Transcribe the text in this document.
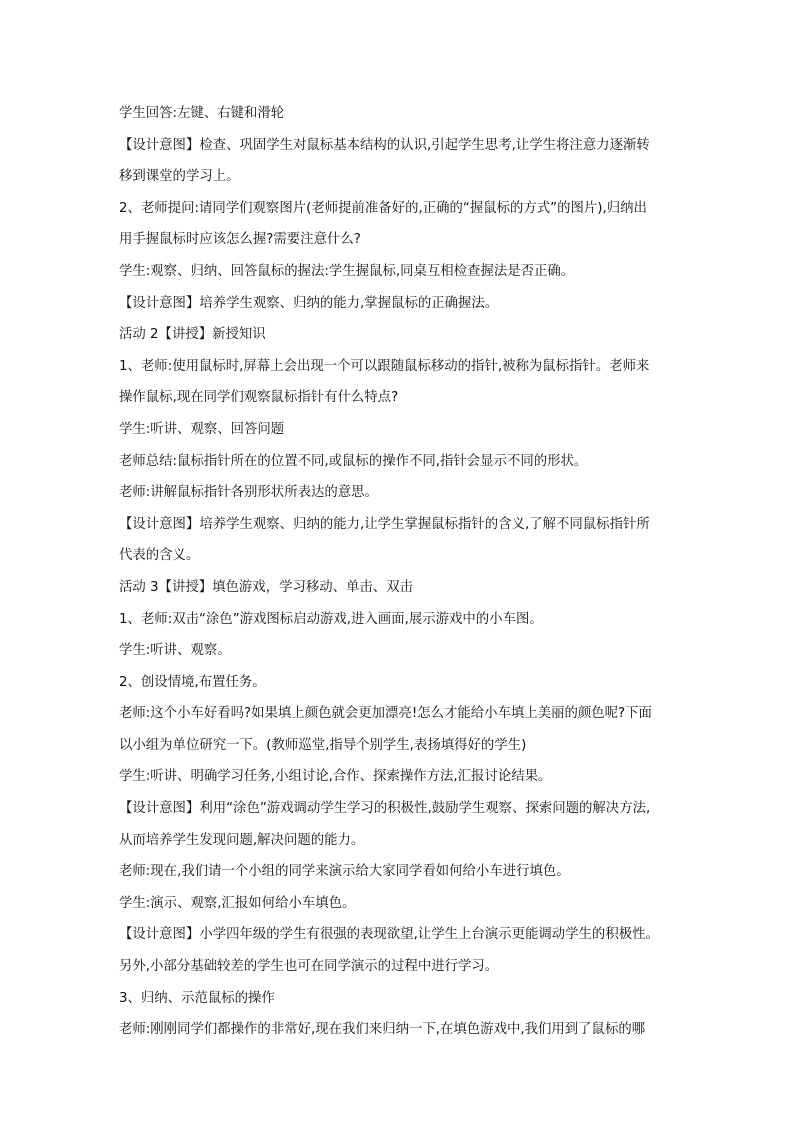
学生回答:左键、右键和滑轮
【设计意图】检查、巩固学生对鼠标基本结构的认识,引起学生思考,让学生将注意力逐渐转
移到课堂的学习上。
2、老师提问:请同学们观察图片(老师提前准备好的,正确的“握鼠标的方式”的图片),归纳出
用手握鼠标时应该怎么握?需要注意什么?
学生:观察、归纳、回答鼠标的握法:学生握鼠标,同桌互相检查握法是否正确。
【设计意图】培养学生观察、归纳的能力,掌握鼠标的正确握法。
活动 2【讲授】新授知识
1、老师:使用鼠标时,屏幕上会出现一个可以跟随鼠标移动的指针,被称为鼠标指针。老师来
操作鼠标,现在同学们观察鼠标指针有什么特点?
学生:听讲、观察、回答问题
老师总结:鼠标指针所在的位置不同,或鼠标的操作不同,指针会显示不同的形状。
老师:讲解鼠标指针各别形状所表达的意思。
【设计意图】培养学生观察、归纳的能力,让学生掌握鼠标指针的含义,了解不同鼠标指针所
代表的含义。
活动 3【讲授】填色游戏，学习移动、单击、双击
1、老师:双击“涂色”游戏图标启动游戏,进入画面,展示游戏中的小车图。
学生:听讲、观察。
2、创设情境,布置任务。
老师:这个小车好看吗?如果填上颜色就会更加漂亮!怎么才能给小车填上美丽的颜色呢?下面
以小组为单位研究一下。(教师巡堂,指导个别学生,表扬填得好的学生)
学生:听讲、明确学习任务,小组讨论,合作、探索操作方法,汇报讨论结果。
【设计意图】利用“涂色”游戏调动学生学习的积极性,鼓励学生观察、探索问题的解决方法,
从而培养学生发现问题,解决问题的能力。
老师:现在,我们请一个小组的同学来演示给大家同学看如何给小车进行填色。
学生:演示、观察,汇报如何给小车填色。
【设计意图】小学四年级的学生有很强的表现欲望,让学生上台演示更能调动学生的积极性。
另外,小部分基础较差的学生也可在同学演示的过程中进行学习。
3、归纳、示范鼠标的操作
老师:刚刚同学们都操作的非常好,现在我们来归纳一下,在填色游戏中,我们用到了鼠标的哪
